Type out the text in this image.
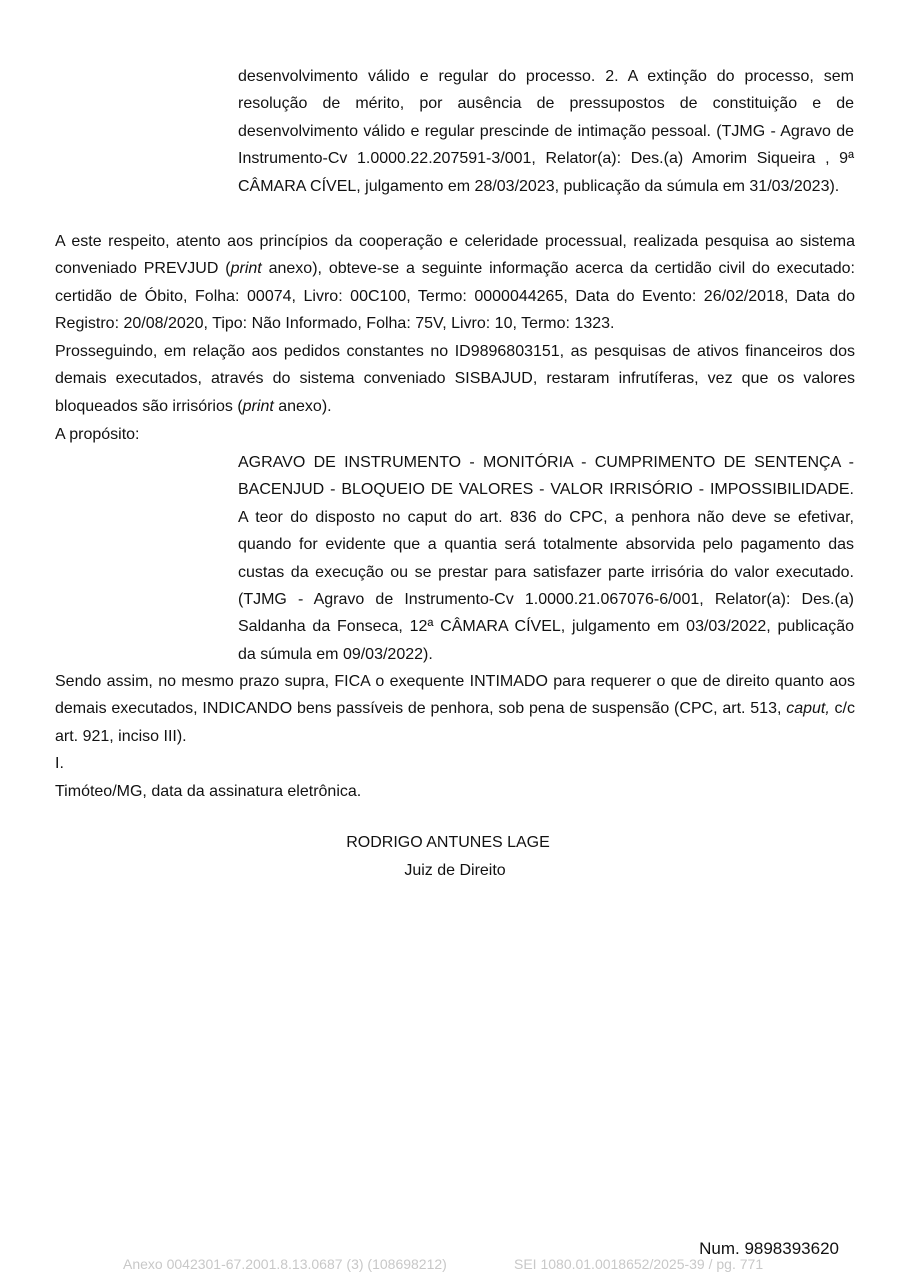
desenvolvimento válido e regular do processo. 2. A extinção do processo, sem resolução de mérito, por ausência de pressupostos de constituição e de desenvolvimento válido e regular prescinde de intimação pessoal. (TJMG - Agravo de Instrumento-Cv 1.0000.22.207591-3/001, Relator(a): Des.(a) Amorim Siqueira , 9ª CÂMARA CÍVEL, julgamento em 28/03/2023, publicação da súmula em 31/03/2023).

A este respeito, atento aos princípios da cooperação e celeridade processual, realizada pesquisa ao sistema conveniado PREVJUD (print anexo), obteve-se a seguinte informação acerca da certidão civil do executado: certidão de Óbito, Folha: 00074, Livro: 00C100, Termo: 0000044265, Data do Evento: 26/02/2018, Data do Registro: 20/08/2020, Tipo: Não Informado, Folha: 75V, Livro: 10, Termo: 1323.

Prosseguindo, em relação aos pedidos constantes no ID9896803151, as pesquisas de ativos financeiros dos demais executados, através do sistema conveniado SISBAJUD, restaram infrutíferas, vez que os valores bloqueados são irrisórios (print anexo).

A propósito:

AGRAVO DE INSTRUMENTO - MONITÓRIA - CUMPRIMENTO DE SENTENÇA - BACENJUD - BLOQUEIO DE VALORES - VALOR IRRISÓRIO - IMPOSSIBILIDADE. A teor do disposto no caput do art. 836 do CPC, a penhora não deve se efetivar, quando for evidente que a quantia será totalmente absorvida pelo pagamento das custas da execução ou se prestar para satisfazer parte irrisória do valor executado. (TJMG - Agravo de Instrumento-Cv 1.0000.21.067076-6/001, Relator(a): Des.(a) Saldanha da Fonseca, 12ª CÂMARA CÍVEL, julgamento em 03/03/2022, publicação da súmula em 09/03/2022).

Sendo assim, no mesmo prazo supra, FICA o exequente INTIMADO para requerer o que de direito quanto aos demais executados, INDICANDO bens passíveis de penhora, sob pena de suspensão (CPC, art. 513, caput, c/c art. 921, inciso III).

I.

Timóteo/MG, data da assinatura eletrônica.

RODRIGO ANTUNES LAGE
Juiz de Direito
Num. 9898393620
Anexo 0042301-67.2001.8.13.0687 (3) (108698212)	SEI 1080.01.0018652/2025-39 / pg. 771
